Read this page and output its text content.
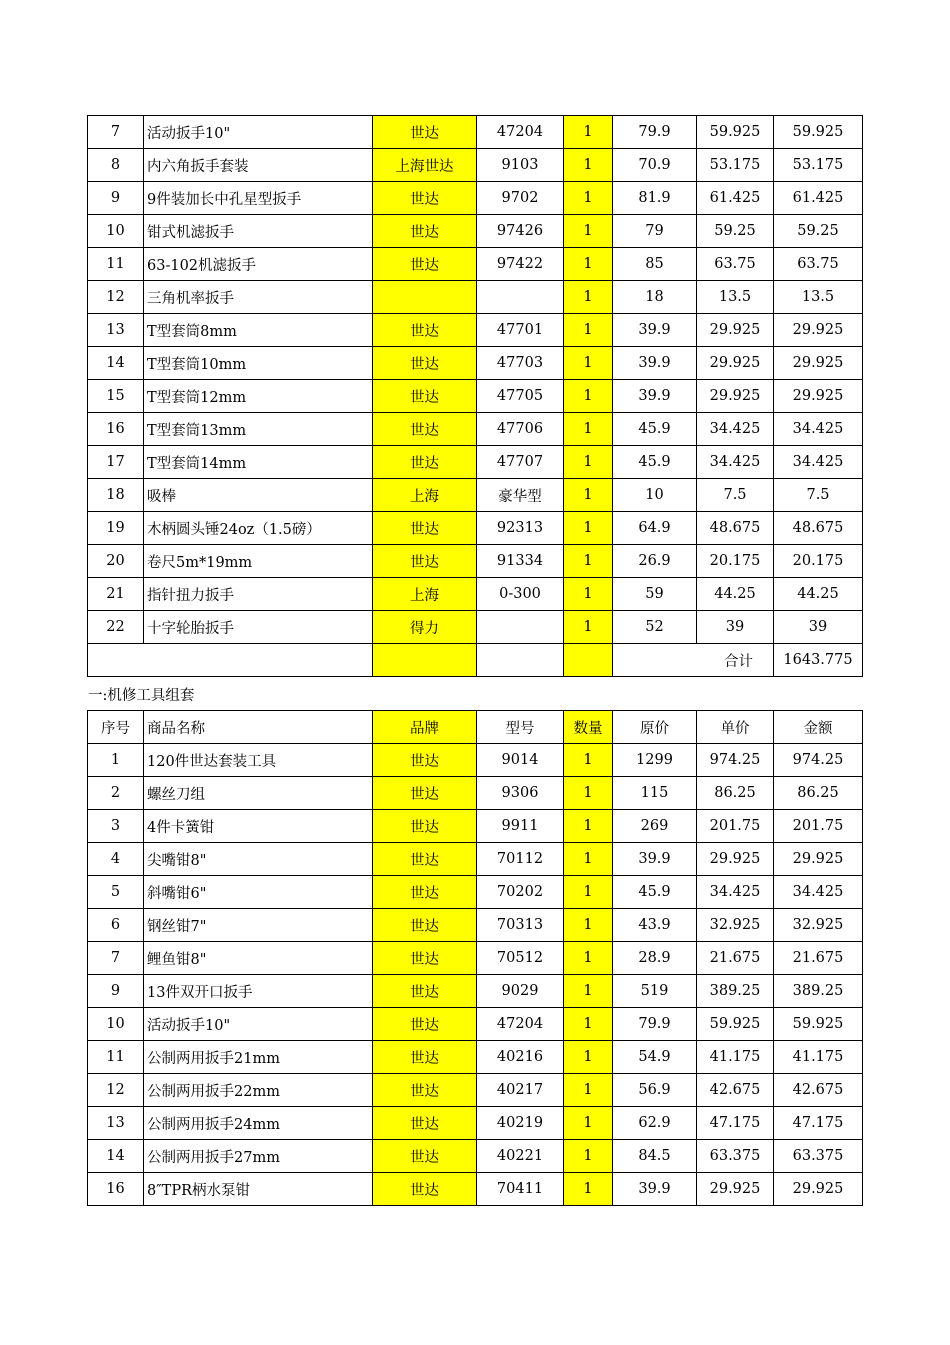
7	活动扳手10"	世达	47204	1	79.9	59.925	59.925
8	内六角扳手套装	上海世达	9103	1	70.9	53.175	53.175
9	9件装加长中孔星型扳手	世达	9702	1	81.9	61.425	61.425
10	钳式机滤扳手	世达	97426	1	79	59.25	59.25
11	63-102机滤扳手	世达	97422	1	85	63.75	63.75
12	三角机率扳手			1	18	13.5	13.5
13	T型套筒8mm	世达	47701	1	39.9	29.925	29.925
14	T型套筒10mm	世达	47703	1	39.9	29.925	29.925
15	T型套筒12mm	世达	47705	1	39.9	29.925	29.925
16	T型套筒13mm	世达	47706	1	45.9	34.425	34.425
17	T型套筒14mm	世达	47707	1	45.9	34.425	34.425
18	吸棒	上海	豪华型	1	10	7.5	7.5
19	木柄圆头锤24oz（1.5磅）	世达	92313	1	64.9	48.675	48.675
20	卷尺5m*19mm	世达	91334	1	26.9	20.175	20.175
21	指针扭力扳手	上海	0-300	1	59	44.25	44.25
22	十字轮胎扳手	得力		1	52	39	39
					合计		1643.775
一:机修工具组套
序号	商品名称	品牌	型号	数量	原价	单价	金额
1	120件世达套装工具	世达	9014	1	1299	974.25	974.25
2	螺丝刀组	世达	9306	1	115	86.25	86.25
3	4件卡簧钳	世达	9911	1	269	201.75	201.75
4	尖嘴钳8"	世达	70112	1	39.9	29.925	29.925
5	斜嘴钳6"	世达	70202	1	45.9	34.425	34.425
6	钢丝钳7"	世达	70313	1	43.9	32.925	32.925
7	鲤鱼钳8"	世达	70512	1	28.9	21.675	21.675
9	13件双开口扳手	世达	9029	1	519	389.25	389.25
10	活动扳手10"	世达	47204	1	79.9	59.925	59.925
11	公制两用扳手21mm	世达	40216	1	54.9	41.175	41.175
12	公制两用扳手22mm	世达	40217	1	56.9	42.675	42.675
13	公制两用扳手24mm	世达	40219	1	62.9	47.175	47.175
14	公制两用扳手27mm	世达	40221	1	84.5	63.375	63.375
16	8″TPR柄水泵钳	世达	70411	1	39.9	29.925	29.925
